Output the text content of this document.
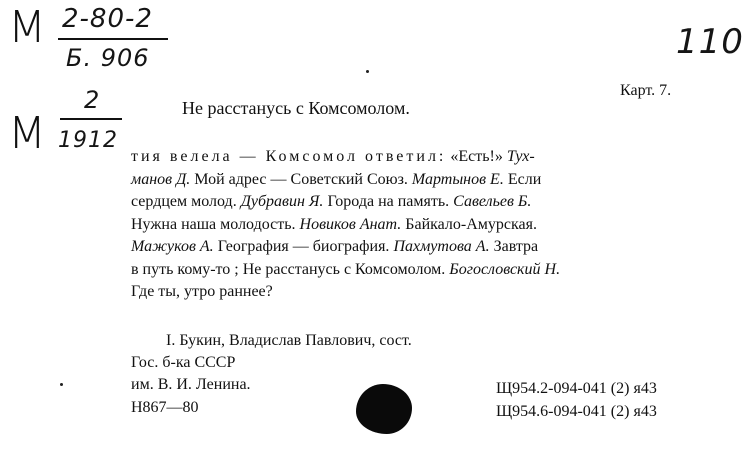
М 2-80-2
Б. 906
2
М 1912
110
Карт. 7.
Не расстанусь с Комсомолом.
тия велела — Комсомол ответил: «Есть!» Тух-
манов Д. Мой адрес — Советский Союз. Мартынов Е. Если
сердцем молод. Дубравин Я. Города на память. Савельев Б.
Нужна наша молодость. Новиков Анат. Байкало-Амурская.
Мажуков А. География — биография. Пахмутова А. Завтра
в путь кому-то ; Не расстанусь с Комсомолом. Богословский Н.
Где ты, утро раннее?
I. Букин, Владислав Павлович, сост.
Гос. б-ка СССР
им. В. И. Ленина.
Н867—80
Щ954.2-094-041 (2) я43
Щ954.6-094-041 (2) я43
